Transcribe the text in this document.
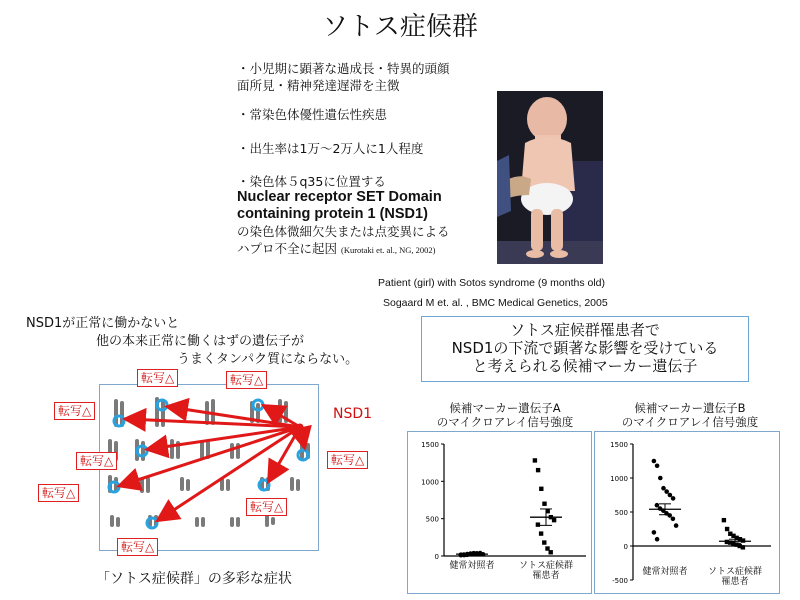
ソトス症候群
・小児期に顕著な過成長・特異的頭顔
面所見・精神発達遅滞を主徴
・常染色体優性遺伝性疾患
・出生率は1万～2万人に1人程度
・染色体５q35に位置する
Nuclear receptor SET Domain
containing protein 1 (NSD1)
の染色体微細欠失または点変異による
ハプロ不全に起因 (Kurotaki et. al., NG, 2002)
Patient (girl) with Sotos syndrome (9 months old)
Sogaard M et. al. , BMC Medical Genetics, 2005
NSD1が正常に働かないと
他の本来正常に働くはずの遺伝子が
うまくタンパク質にならない。
ソトス症候群罹患者で
NSD1の下流で顕著な影響を受けている
と考えられる候補マーカー遺伝子
転写△	転写△
転写△
転写△	転写△
転写△
転写△
転写△
NSD1
「ソトス症候群」の多彩な症状
候補マーカー遺伝子A
のマイクロアレイ信号強度
0
500
1000
1500
健常対照者	ソトス症候群
罹患者
候補マーカー遺伝子B
のマイクロアレイ信号強度
-500
0
500
1000
1500
健常対照者 ソトス症候群
罹患者
